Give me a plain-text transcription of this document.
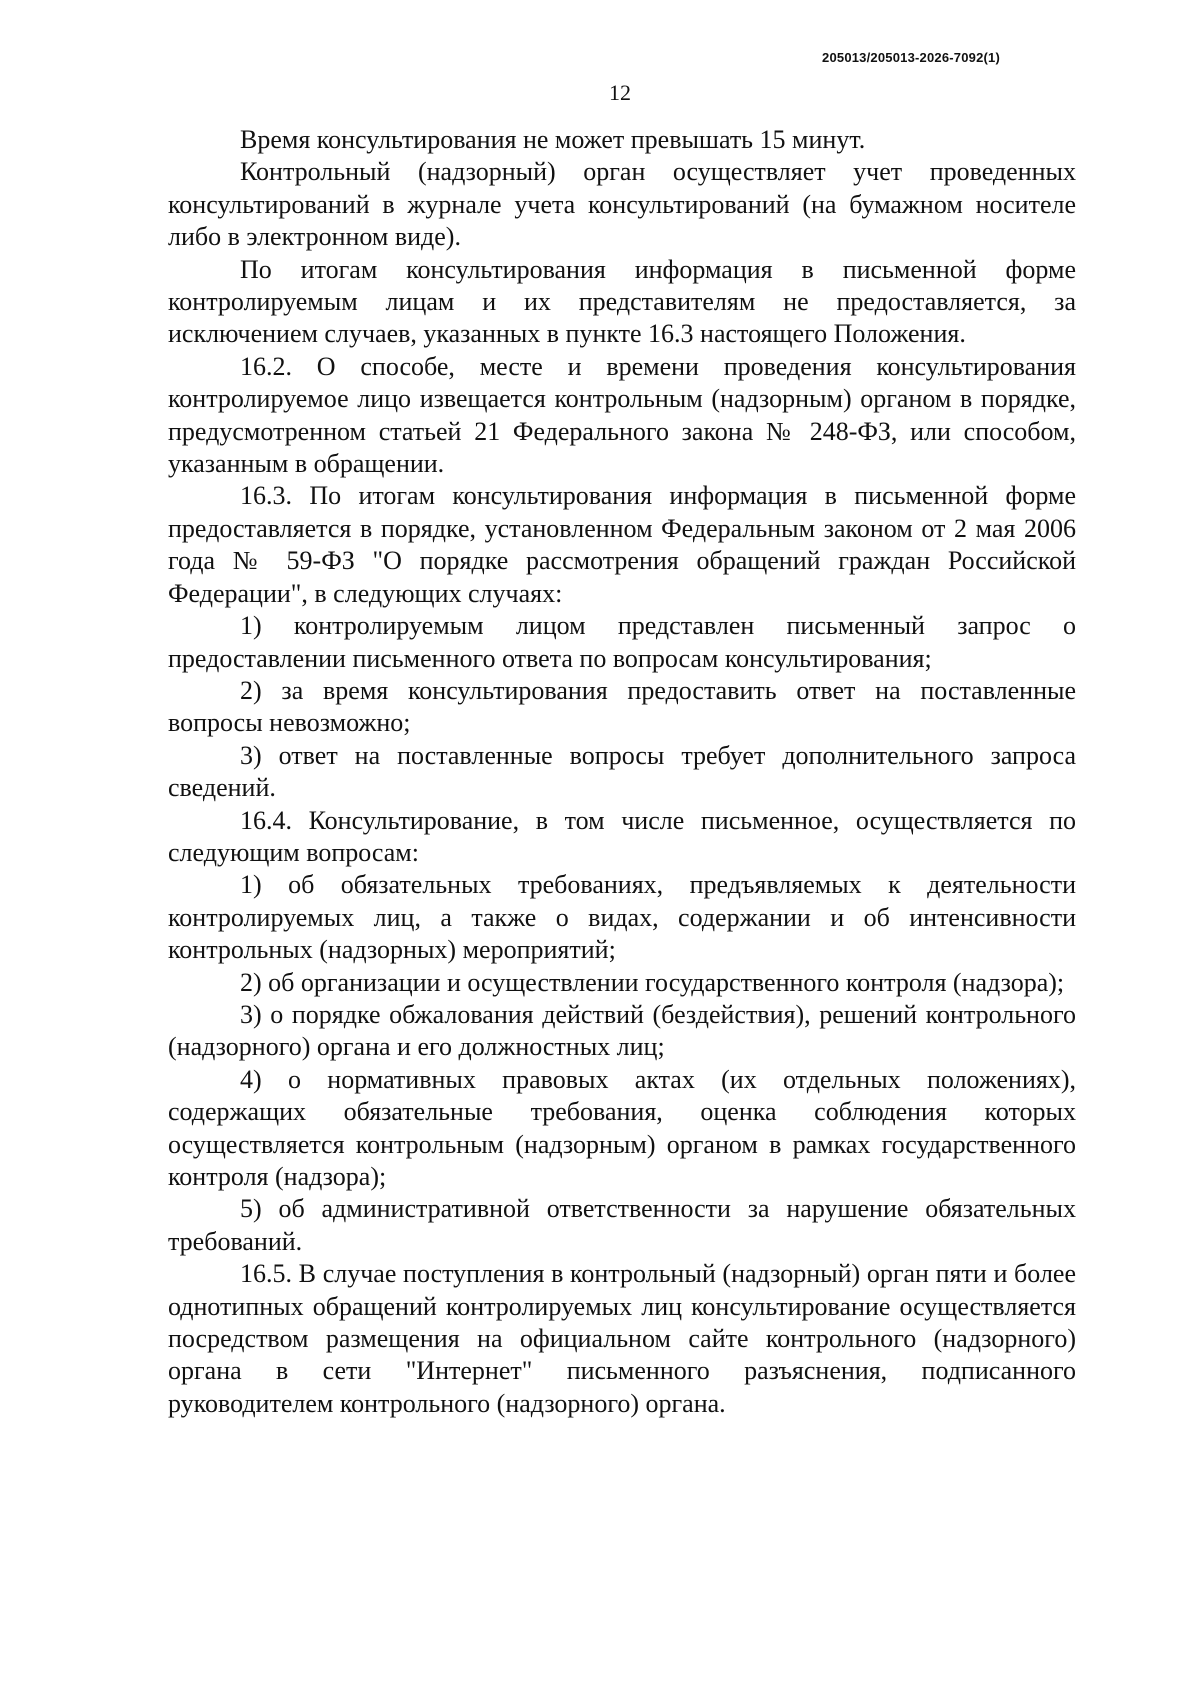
205013/205013-2026-7092(1)
12

Время консультирования не может превышать 15 минут.

Контрольный (надзорный) орган осуществляет учет проведенных консультирований в журнале учета консультирований (на бумажном носителе либо в электронном виде).

По итогам консультирования информация в письменной форме контролируемым лицам и их представителям не предоставляется, за исключением случаев, указанных в пункте 16.3 настоящего Положения.

16.2. О способе, месте и времени проведения консультирования контролируемое лицо извещается контрольным (надзорным) органом в порядке, предусмотренном статьей 21 Федерального закона № 248-ФЗ, или способом, указанным в обращении.

16.3. По итогам консультирования информация в письменной форме предоставляется в порядке, установленном Федеральным законом от 2 мая 2006 года № 59-ФЗ "О порядке рассмотрения обращений граждан Российской Федерации", в следующих случаях:

1) контролируемым лицом представлен письменный запрос о предоставлении письменного ответа по вопросам консультирования;

2) за время консультирования предоставить ответ на поставленные вопросы невозможно;

3) ответ на поставленные вопросы требует дополнительного запроса сведений.

16.4. Консультирование, в том числе письменное, осуществляется по следующим вопросам:

1) об обязательных требованиях, предъявляемых к деятельности контролируемых лиц, а также о видах, содержании и об интенсивности контрольных (надзорных) мероприятий;

2) об организации и осуществлении государственного контроля (надзора);

3) о порядке обжалования действий (бездействия), решений контрольного (надзорного) органа и его должностных лиц;

4) о нормативных правовых актах (их отдельных положениях), содержащих обязательные требования, оценка соблюдения которых осуществляется контрольным (надзорным) органом в рамках государственного контроля (надзора);

5) об административной ответственности за нарушение обязательных требований.

16.5. В случае поступления в контрольный (надзорный) орган пяти и более однотипных обращений контролируемых лиц консультирование осуществляется посредством размещения на официальном сайте контрольного (надзорного) органа в сети "Интернет" письменного разъяснения, подписанного руководителем контрольного (надзорного) органа.
